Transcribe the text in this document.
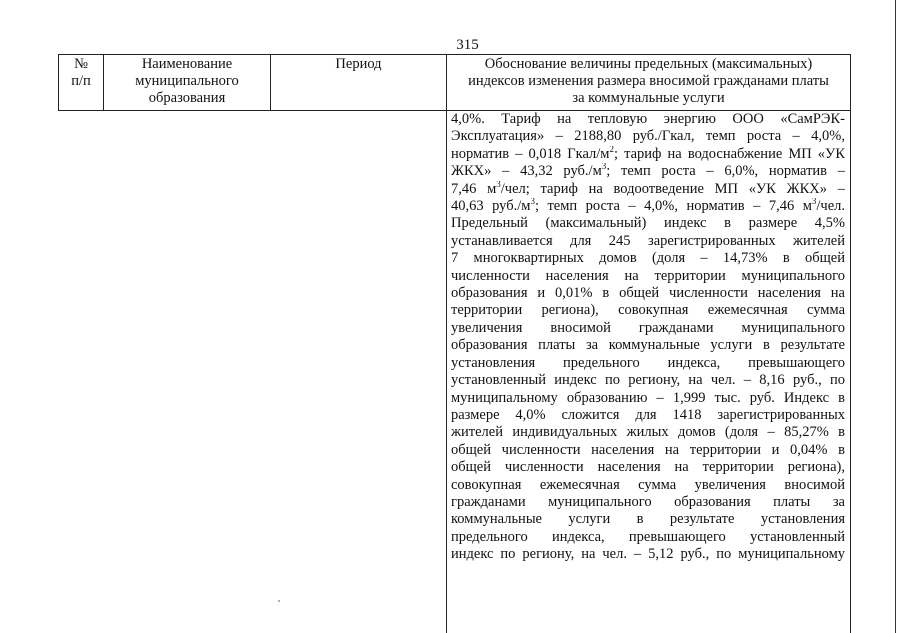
315
№
п/п
Наименование
муниципального
образования
Период	Обоснование величины предельных (максимальных)
индексов изменения размера вносимой гражданами платы
за коммунальные услуги
4,0%. Тариф на тепловую энергию ООО «СамРЭК-
Эксплуатация» – 2188,80 руб./Гкал, темп роста – 4,0%,
норматив – 0,018 Гкал/$м^2$; тариф на водоснабжение МП «УК
ЖКХ» – 43,32 $руб./м^3$; темп роста – 6,0%, норматив –
7,46 $м^3$/чел; тариф на водоотведение МП «УК ЖКХ» –
40,63 $руб./м^3$; темп роста – 4,0%, норматив – 7,46 $м^3$/чел.
Предельный (максимальный) индекс в размере 4,5%
устанавливается для 245 зарегистрированных жителей
7 многоквартирных домов (доля – 14,73% в общей
численности населения на территории муниципального
образования и 0,01% в общей численности населения на
территории региона), совокупная ежемесячная сумма
увеличения вносимой гражданами муниципального
образования платы за коммунальные услуги в результате
установления предельного индекса, превышающего
установленный индекс по региону, на чел. – 8,16 руб., по
муниципальному образованию – 1,999 тыс. руб. Индекс в
размере 4,0% сложится для 1418 зарегистрированных
жителей индивидуальных жилых домов (доля – 85,27% в
общей численности населения на территории и 0,04% в
общей численности населения на территории региона),
совокупная ежемесячная сумма увеличения вносимой
гражданами муниципального образования платы за
коммунальные услуги в результате установления
предельного индекса, превышающего установленный
индекс по региону, на чел. – 5,12 руб., по муниципальному
